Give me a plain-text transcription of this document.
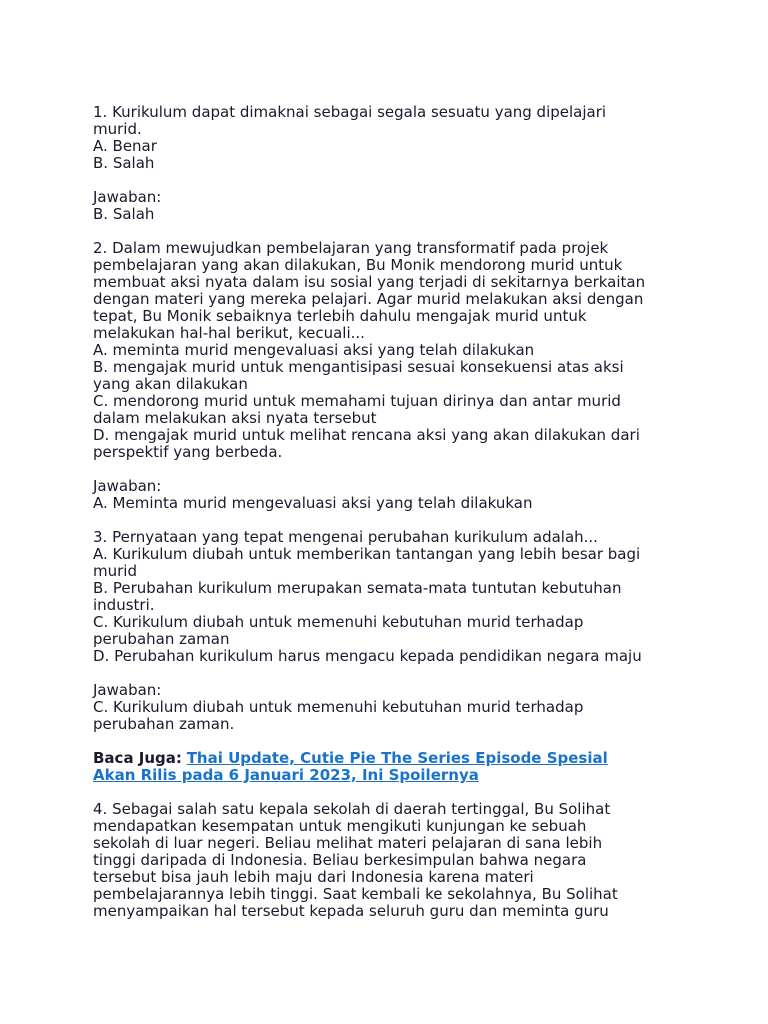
1. Kurikulum dapat dimaknai sebagai segala sesuatu yang dipelajari
murid.
A. Benar
B. Salah
Jawaban:
B. Salah
2. Dalam mewujudkan pembelajaran yang transformatif pada projek
pembelajaran yang akan dilakukan, Bu Monik mendorong murid untuk
membuat aksi nyata dalam isu sosial yang terjadi di sekitarnya berkaitan
dengan materi yang mereka pelajari. Agar murid melakukan aksi dengan
tepat, Bu Monik sebaiknya terlebih dahulu mengajak murid untuk
melakukan hal-hal berikut, kecuali...
A. meminta murid mengevaluasi aksi yang telah dilakukan
B. mengajak murid untuk mengantisipasi sesuai konsekuensi atas aksi
yang akan dilakukan
C. mendorong murid untuk memahami tujuan dirinya dan antar murid
dalam melakukan aksi nyata tersebut
D. mengajak murid untuk melihat rencana aksi yang akan dilakukan dari
perspektif yang berbeda.
Jawaban:
A. Meminta murid mengevaluasi aksi yang telah dilakukan
3. Pernyataan yang tepat mengenai perubahan kurikulum adalah...
A. Kurikulum diubah untuk memberikan tantangan yang lebih besar bagi
murid
B. Perubahan kurikulum merupakan semata-mata tuntutan kebutuhan
industri.
C. Kurikulum diubah untuk memenuhi kebutuhan murid terhadap
perubahan zaman
D. Perubahan kurikulum harus mengacu kepada pendidikan negara maju
Jawaban:
C. Kurikulum diubah untuk memenuhi kebutuhan murid terhadap
perubahan zaman.
Baca Juga: Thai Update, Cutie Pie The Series Episode Spesial
Akan Rilis pada 6 Januari 2023, Ini Spoilernya
4. Sebagai salah satu kepala sekolah di daerah tertinggal, Bu Solihat
mendapatkan kesempatan untuk mengikuti kunjungan ke sebuah
sekolah di luar negeri. Beliau melihat materi pelajaran di sana lebih
tinggi daripada di Indonesia. Beliau berkesimpulan bahwa negara
tersebut bisa jauh lebih maju dari Indonesia karena materi
pembelajarannya lebih tinggi. Saat kembali ke sekolahnya, Bu Solihat
menyampaikan hal tersebut kepada seluruh guru dan meminta guru
